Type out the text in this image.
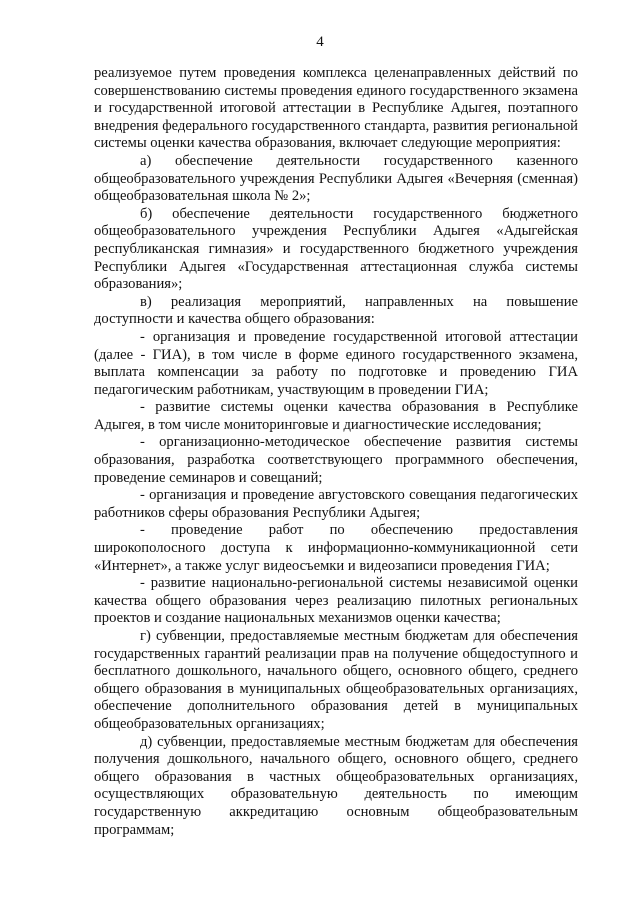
4

реализуемое путем проведения комплекса целенаправленных действий по совершенствованию системы проведения единого государственного экзамена и государственной итоговой аттестации в Республике Адыгея, поэтапного внедрения федерального государственного стандарта, развития региональной системы оценки качества образования, включает следующие мероприятия:

а) обеспечение деятельности государственного казенного общеобразовательного учреждения Республики Адыгея «Вечерняя (сменная) общеобразовательная школа № 2»;

б) обеспечение деятельности государственного бюджетного общеобразовательного учреждения Республики Адыгея «Адыгейская республиканская гимназия» и государственного бюджетного учреждения Республики Адыгея «Государственная аттестационная служба системы образования»;

в) реализация мероприятий, направленных на повышение доступности и качества общего образования:

- организация и проведение государственной итоговой аттестации (далее - ГИА), в том числе в форме единого государственного экзамена, выплата компенсации за работу по подготовке и проведению ГИА педагогическим работникам, участвующим в проведении ГИА;

- развитие системы оценки качества образования в Республике Адыгея, в том числе мониторинговые и диагностические исследования;

- организационно-методическое обеспечение развития системы образования, разработка соответствующего программного обеспечения, проведение семинаров и совещаний;

- организация и проведение августовского совещания педагогических работников сферы образования Республики Адыгея;

- проведение работ по обеспечению предоставления широкополосного доступа к информационно-коммуникационной сети «Интернет», а также услуг видеосъемки и видеозаписи проведения ГИА;

- развитие национально-региональной системы независимой оценки качества общего образования через реализацию пилотных региональных проектов и создание национальных механизмов оценки качества;

г) субвенции, предоставляемые местным бюджетам для обеспечения государственных гарантий реализации прав на получение общедоступного и бесплатного дошкольного, начального общего, основного общего, среднего общего образования в муниципальных общеобразовательных организациях, обеспечение дополнительного образования детей в муниципальных общеобразовательных организациях;

д) субвенции, предоставляемые местным бюджетам для обеспечения получения дошкольного, начального общего, основного общего, среднего общего образования в частных общеобразовательных организациях, осуществляющих образовательную деятельность по имеющим государственную аккредитацию основным общеобразовательным программам;
